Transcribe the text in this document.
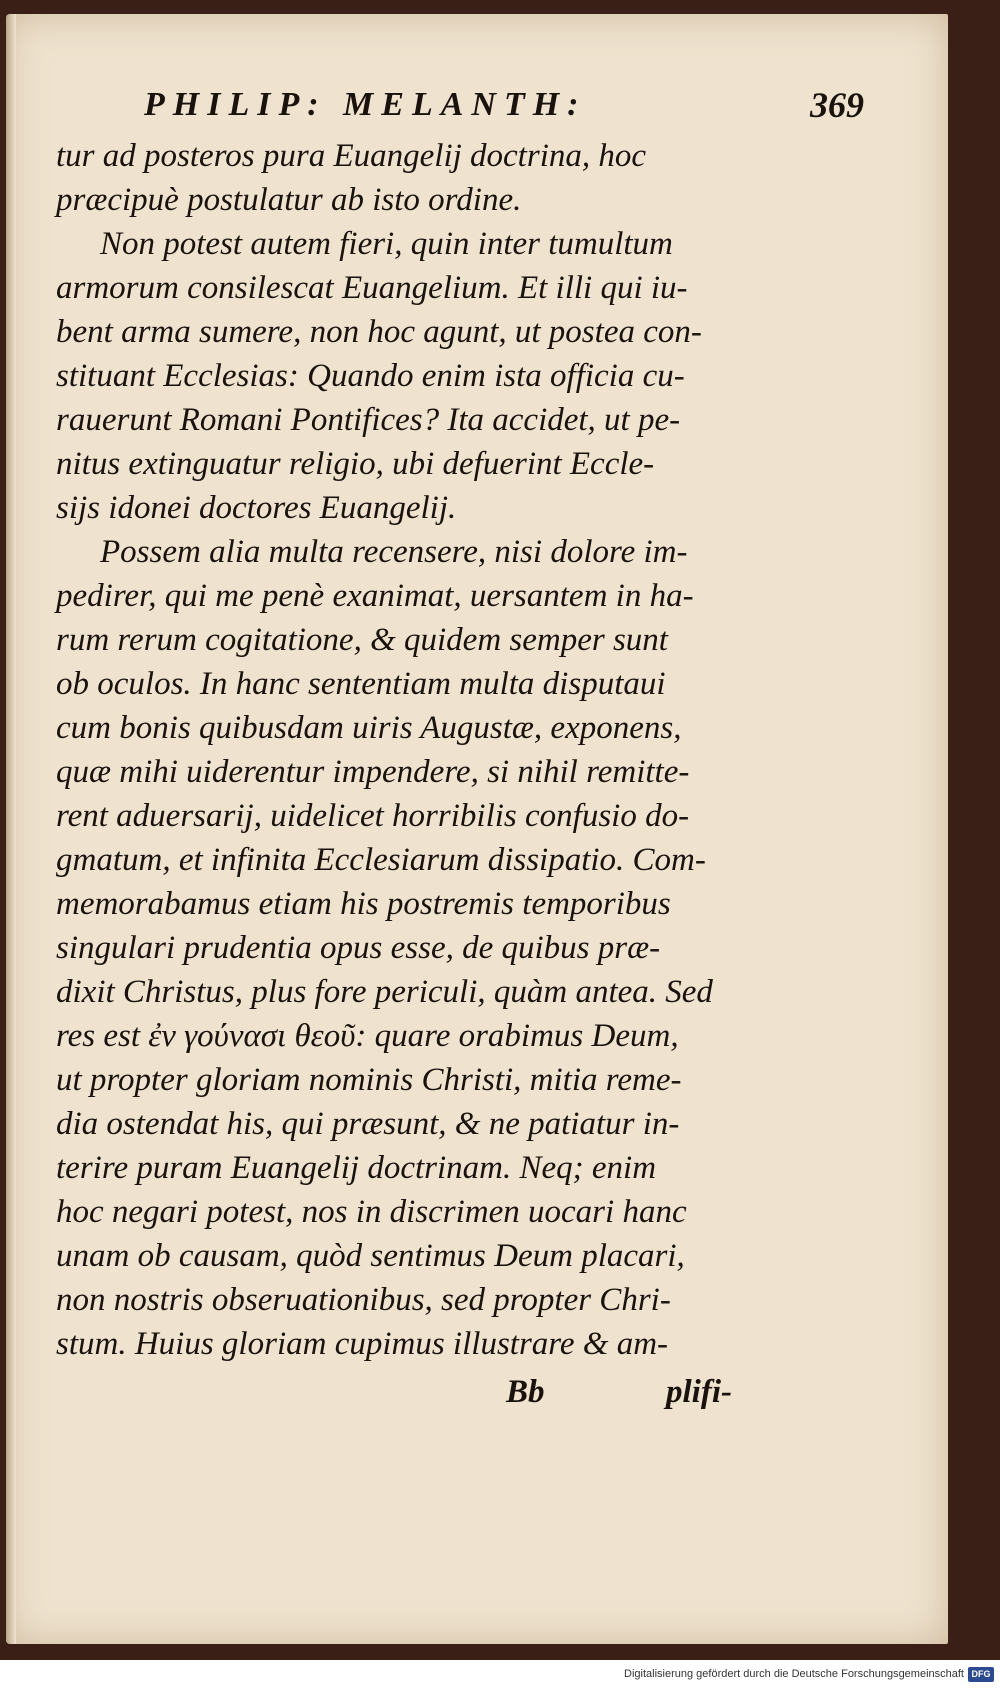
PHILIP: MELANTH:	369
tur ad posteros pura Euangelij doctrina, hoc
præcipuè postulatur ab isto ordine.
Non potest autem fieri, quin inter tumultum
armorum consilescat Euangelium. Et illi qui iu-
bent arma sumere, non hoc agunt, ut postea con-
stituant Ecclesias: Quando enim ista officia cu-
rauerunt Romani Pontifices? Ita accidet, ut pe-
nitus extinguatur religio, ubi defuerint Eccle-
sijs idonei doctores Euangelij.
Possem alia multa recensere, nisi dolore im-
pedirer, qui me penè exanimat, uersantem in ha-
rum rerum cogitatione, & quidem semper sunt
ob oculos. In hanc sententiam multa disputaui
cum bonis quibusdam uiris Augustæ, exponens,
quæ mihi uiderentur impendere, si nihil remitte-
rent aduersarij, uidelicet horribilis confusio do-
gmatum, et infinita Ecclesiarum dissipatio. Com-
memorabamus etiam his postremis temporibus
singulari prudentia opus esse, de quibus præ-
dixit Christus, plus fore periculi, quàm antea. Sed
res est ἐν γούνασι θεοῦ: quare orabimus Deum,
ut propter gloriam nominis Christi, mitia reme-
dia ostendat his, qui præsunt, & ne patiatur in-
terire puram Euangelij doctrinam. Neq; enim
hoc negari potest, nos in discrimen uocari hanc
unam ob causam, quòd sentimus Deum placari,
non nostris obseruationibus, sed propter Chri-
stum. Huius gloriam cupimus illustrare & am-
Bb	plifi-
Digitalisierung gefördert durch die Deutsche Forschungsgemeinschaft DFG
